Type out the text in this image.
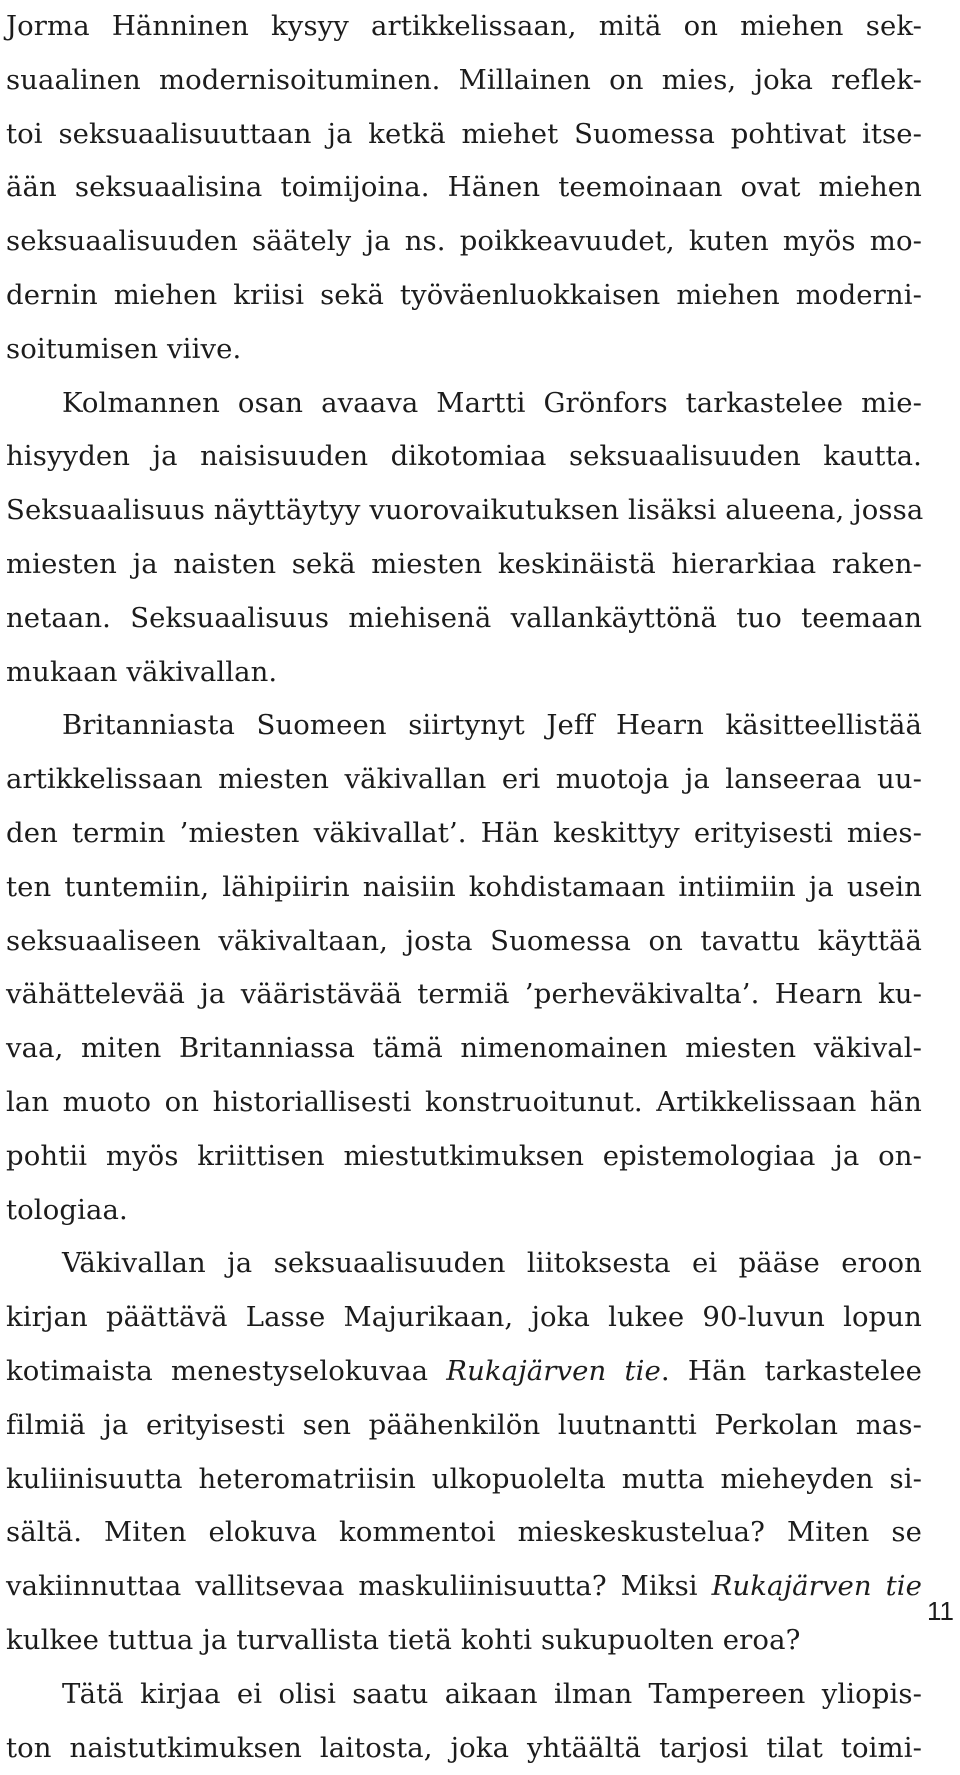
Jorma Hänninen kysyy artikkelissaan, mitä on miehen sek-
suaalinen modernisoituminen. Millainen on mies, joka reflek-
toi seksuaalisuuttaan ja ketkä miehet Suomessa pohtivat itse-
ään seksuaalisina toimijoina. Hänen teemoinaan ovat miehen
seksuaalisuuden säätely ja ns. poikkeavuudet, kuten myös mo-
dernin miehen kriisi sekä työväenluokkaisen miehen moderni-
soitumisen viive.
Kolmannen osan avaava Martti Grönfors tarkastelee mie-
hisyyden ja naisisuuden dikotomiaa seksuaalisuuden kautta.
Seksuaalisuus näyttäytyy vuorovaikutuksen lisäksi alueena, jossa
miesten ja naisten sekä miesten keskinäistä hierarkiaa raken-
netaan. Seksuaalisuus miehisenä vallankäyttönä tuo teemaan
mukaan väkivallan.
Britanniasta Suomeen siirtynyt Jeff Hearn käsitteellistää
artikkelissaan miesten väkivallan eri muotoja ja lanseeraa uu-
den termin ’miesten väkivallat’. Hän keskittyy erityisesti mies-
ten tuntemiin, lähipiirin naisiin kohdistamaan intiimiin ja usein
seksuaaliseen väkivaltaan, josta Suomessa on tavattu käyttää
vähättelevää ja vääristävää termiä ’perheväkivalta’. Hearn ku-
vaa, miten Britanniassa tämä nimenomainen miesten väkival-
lan muoto on historiallisesti konstruoitunut. Artikkelissaan hän
pohtii myös kriittisen miestutkimuksen epistemologiaa ja on-
tologiaa.
Väkivallan ja seksuaalisuuden liitoksesta ei pääse eroon
kirjan päättävä Lasse Majurikaan, joka lukee 90-luvun lopun
kotimaista menestyselokuvaa Rukajärven tie. Hän tarkastelee
filmiä ja erityisesti sen päähenkilön luutnantti Perkolan mas-
kuliinisuutta heteromatriisin ulkopuolelta mutta mieheyden si-
sältä. Miten elokuva kommentoi mieskeskustelua? Miten se
vakiinnuttaa vallitsevaa maskuliinisuutta? Miksi Rukajärven tie
kulkee tuttua ja turvallista tietä kohti sukupuolten eroa?
Tätä kirjaa ei olisi saatu aikaan ilman Tampereen yliopis-
ton naistutkimuksen laitosta, joka yhtäältä tarjosi tilat toimi-
11
